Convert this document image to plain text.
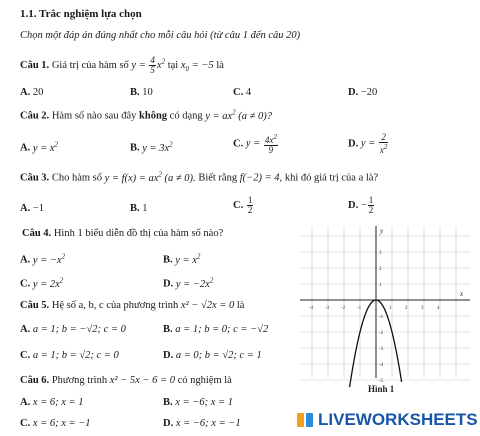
1.1. Trắc nghiệm lựa chọn
Chọn một đáp án đúng nhất cho mỗi câu hỏi (từ câu 1 đến câu 20)
Câu 1. Giá trị của hàm số $y = \frac{4}{5} x^2$ tại $x_0 = -5$ là
A. 20	B. 10	C. 4	D. −20
Câu 2. Hàm số nào sau đây không có dạng $y = ax^2$ (a ≠ 0)?
A. $y = x^2$	B. $y = 3x^2$	C. $y = \frac{4x^2}{9}$	D. $y = \frac{2}{x^2}$
Câu 3. Cho hàm số $y = f(x) = ax^2$ (a ≠ 0). Biết rằng f(−2) = 4, khi đó giá trị của a là?
A. −1	B. 1	C. $\frac{1}{2}$	D. − $\frac{1}{2}$
Câu 4. Hình 1 biểu diễn đồ thị của hàm số nào?
A. $y = -x^2$	B. $y = x^2$
C. $y = 2x^2$	D. $y = -2x^2$
Câu 5. Hệ số a, b, c của phương trình x² − √2x = 0 là
A. a = 1; b = −√2; c = 0	B. a = 1; b = 0; c = −√2
C. a = 1; b = √2; c = 0	D. a = 0; b = √2; c = 1
Câu 6. Phương trình x² − 5x − 6 = 0 có nghiệm là
A. x = 6; x = 1	B. x = −6; x = 1
C. x = 6; x = −1	D. x = −6; x = −1
x
y
-4 -3 -2 -1	1	2	3	4
3
2
1
-1
-2
-3
-4
-5
Hình 1
LIVEWORKSHEETS
